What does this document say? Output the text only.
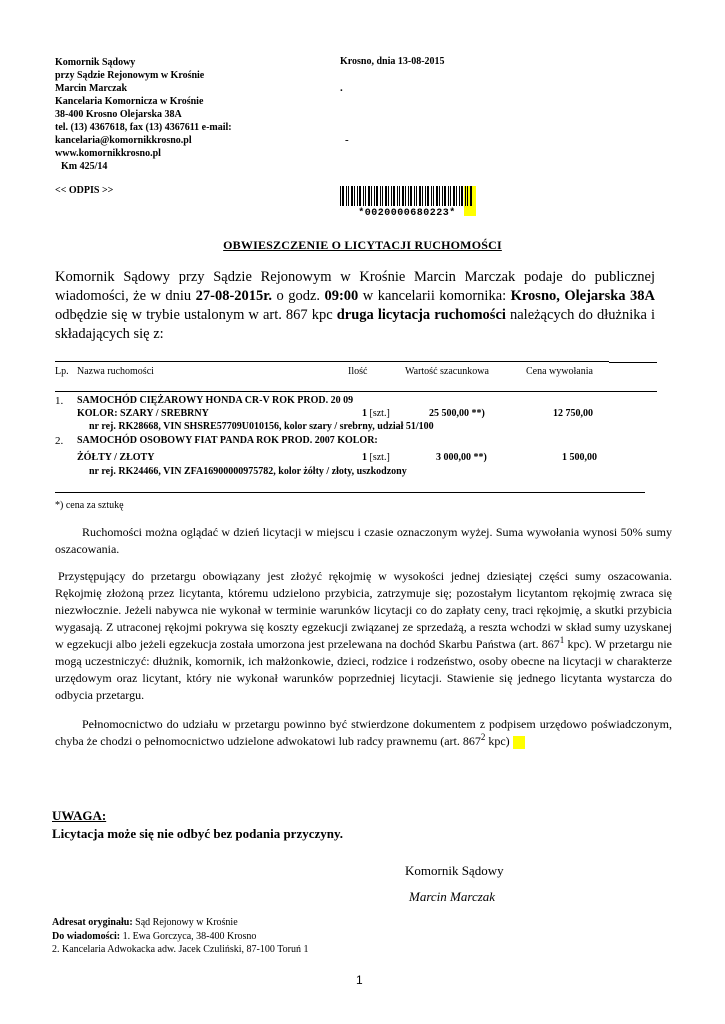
Komornik Sądowy
przy Sądzie Rejonowym w Krośnie
Marcin Marczak
Kancelaria Komornicza w Krośnie
38-400 Krosno Olejarska 38A
tel. (13) 4367618, fax (13) 4367611 e-mail:
kancelaria@komornikkrosno.pl
www.komornikkrosno.pl
Km 425/14
Krosno, dnia 13-08-2015
.
-
<< ODPIS >>
*0020000680223*
OBWIESZCZENIE O LICYTACJI RUCHOMOŚCI
Komornik Sądowy przy Sądzie Rejonowym w Krośnie Marcin Marczak podaje do publicznej wiadomości, że w dniu 27-08-2015r. o godz. 09:00 w kancelarii komornika: Krosno, Olejarska 38A odbędzie się w trybie ustalonym w art. 867 kpc druga licytacja ruchomości należących do dłużnika i składających się z:
Lp. Nazwa ruchomości	Ilość	Wartość szacunkowa	Cena wywołania
1. SAMOCHÓD CIĘŻAROWY HONDA CR-V ROK PROD. 20 09
KOLOR: SZARY / SREBRNY	1 [szt.]	25 500,00 **)	12 750,00
nr rej. RK28668, VIN SHSRE57709U010156, kolor szary / srebrny, udział 51/100
2. SAMOCHÓD OSOBOWY FIAT PANDA ROK PROD. 2007 KOLOR:
ŻÓŁTY / ZŁOTY	1 [szt.]	3 000,00 **)	1 500,00
nr rej. RK24466, VIN ZFA16900000975782, kolor żółty / złoty, uszkodzony
*) cena za sztukę
Ruchomości można oglądać w dzień licytacji w miejscu i czasie oznaczonym wyżej. Suma wywołania wynosi 50% sumy oszacowania.
Przystępujący do przetargu obowiązany jest złożyć rękojmię w wysokości jednej dziesiątej części sumy oszacowania. Rękojmię złożoną przez licytanta, któremu udzielono przybicia, zatrzymuje się; pozostałym licytantom rękojmię zwraca się niezwłocznie. Jeżeli nabywca nie wykonał w terminie warunków licytacji co do zapłaty ceny, traci rękojmię, a skutki przybicia wygasają. Z utraconej rękojmi pokrywa się koszty egzekucji związanej ze sprzedażą, a reszta wchodzi w skład sumy uzyskanej w egzekucji albo jeżeli egzekucja została umorzona jest przelewana na dochód Skarbu Państwa (art. $867^1$ kpc). W przetargu nie mogą uczestniczyć: dłużnik, komornik, ich małżonkowie, dzieci, rodzice i rodzeństwo, osoby obecne na licytacji w charakterze urzędowym oraz licytant, który nie wykonał warunków poprzedniej licytacji. Stawienie się jednego licytanta wystarcza do odbycia przetargu.
Pełnomocnictwo do udziału w przetargu powinno być stwierdzone dokumentem z podpisem urzędowo poświadczonym, chyba że chodzi o pełnomocnictwo udzielone adwokatowi lub radcy prawnemu (art. $867^2$ kpc)
UWAGA:
Licytacja może się nie odbyć bez podania przyczyny.
Komornik Sądowy
Marcin Marczak
Adresat oryginału: Sąd Rejonowy w Krośnie
Do wiadomości: 1. Ewa Gorczyca, 38-400 Krosno
2. Kancelaria Adwokacka adw. Jacek Czuliński, 87-100 Toruń 1
1
